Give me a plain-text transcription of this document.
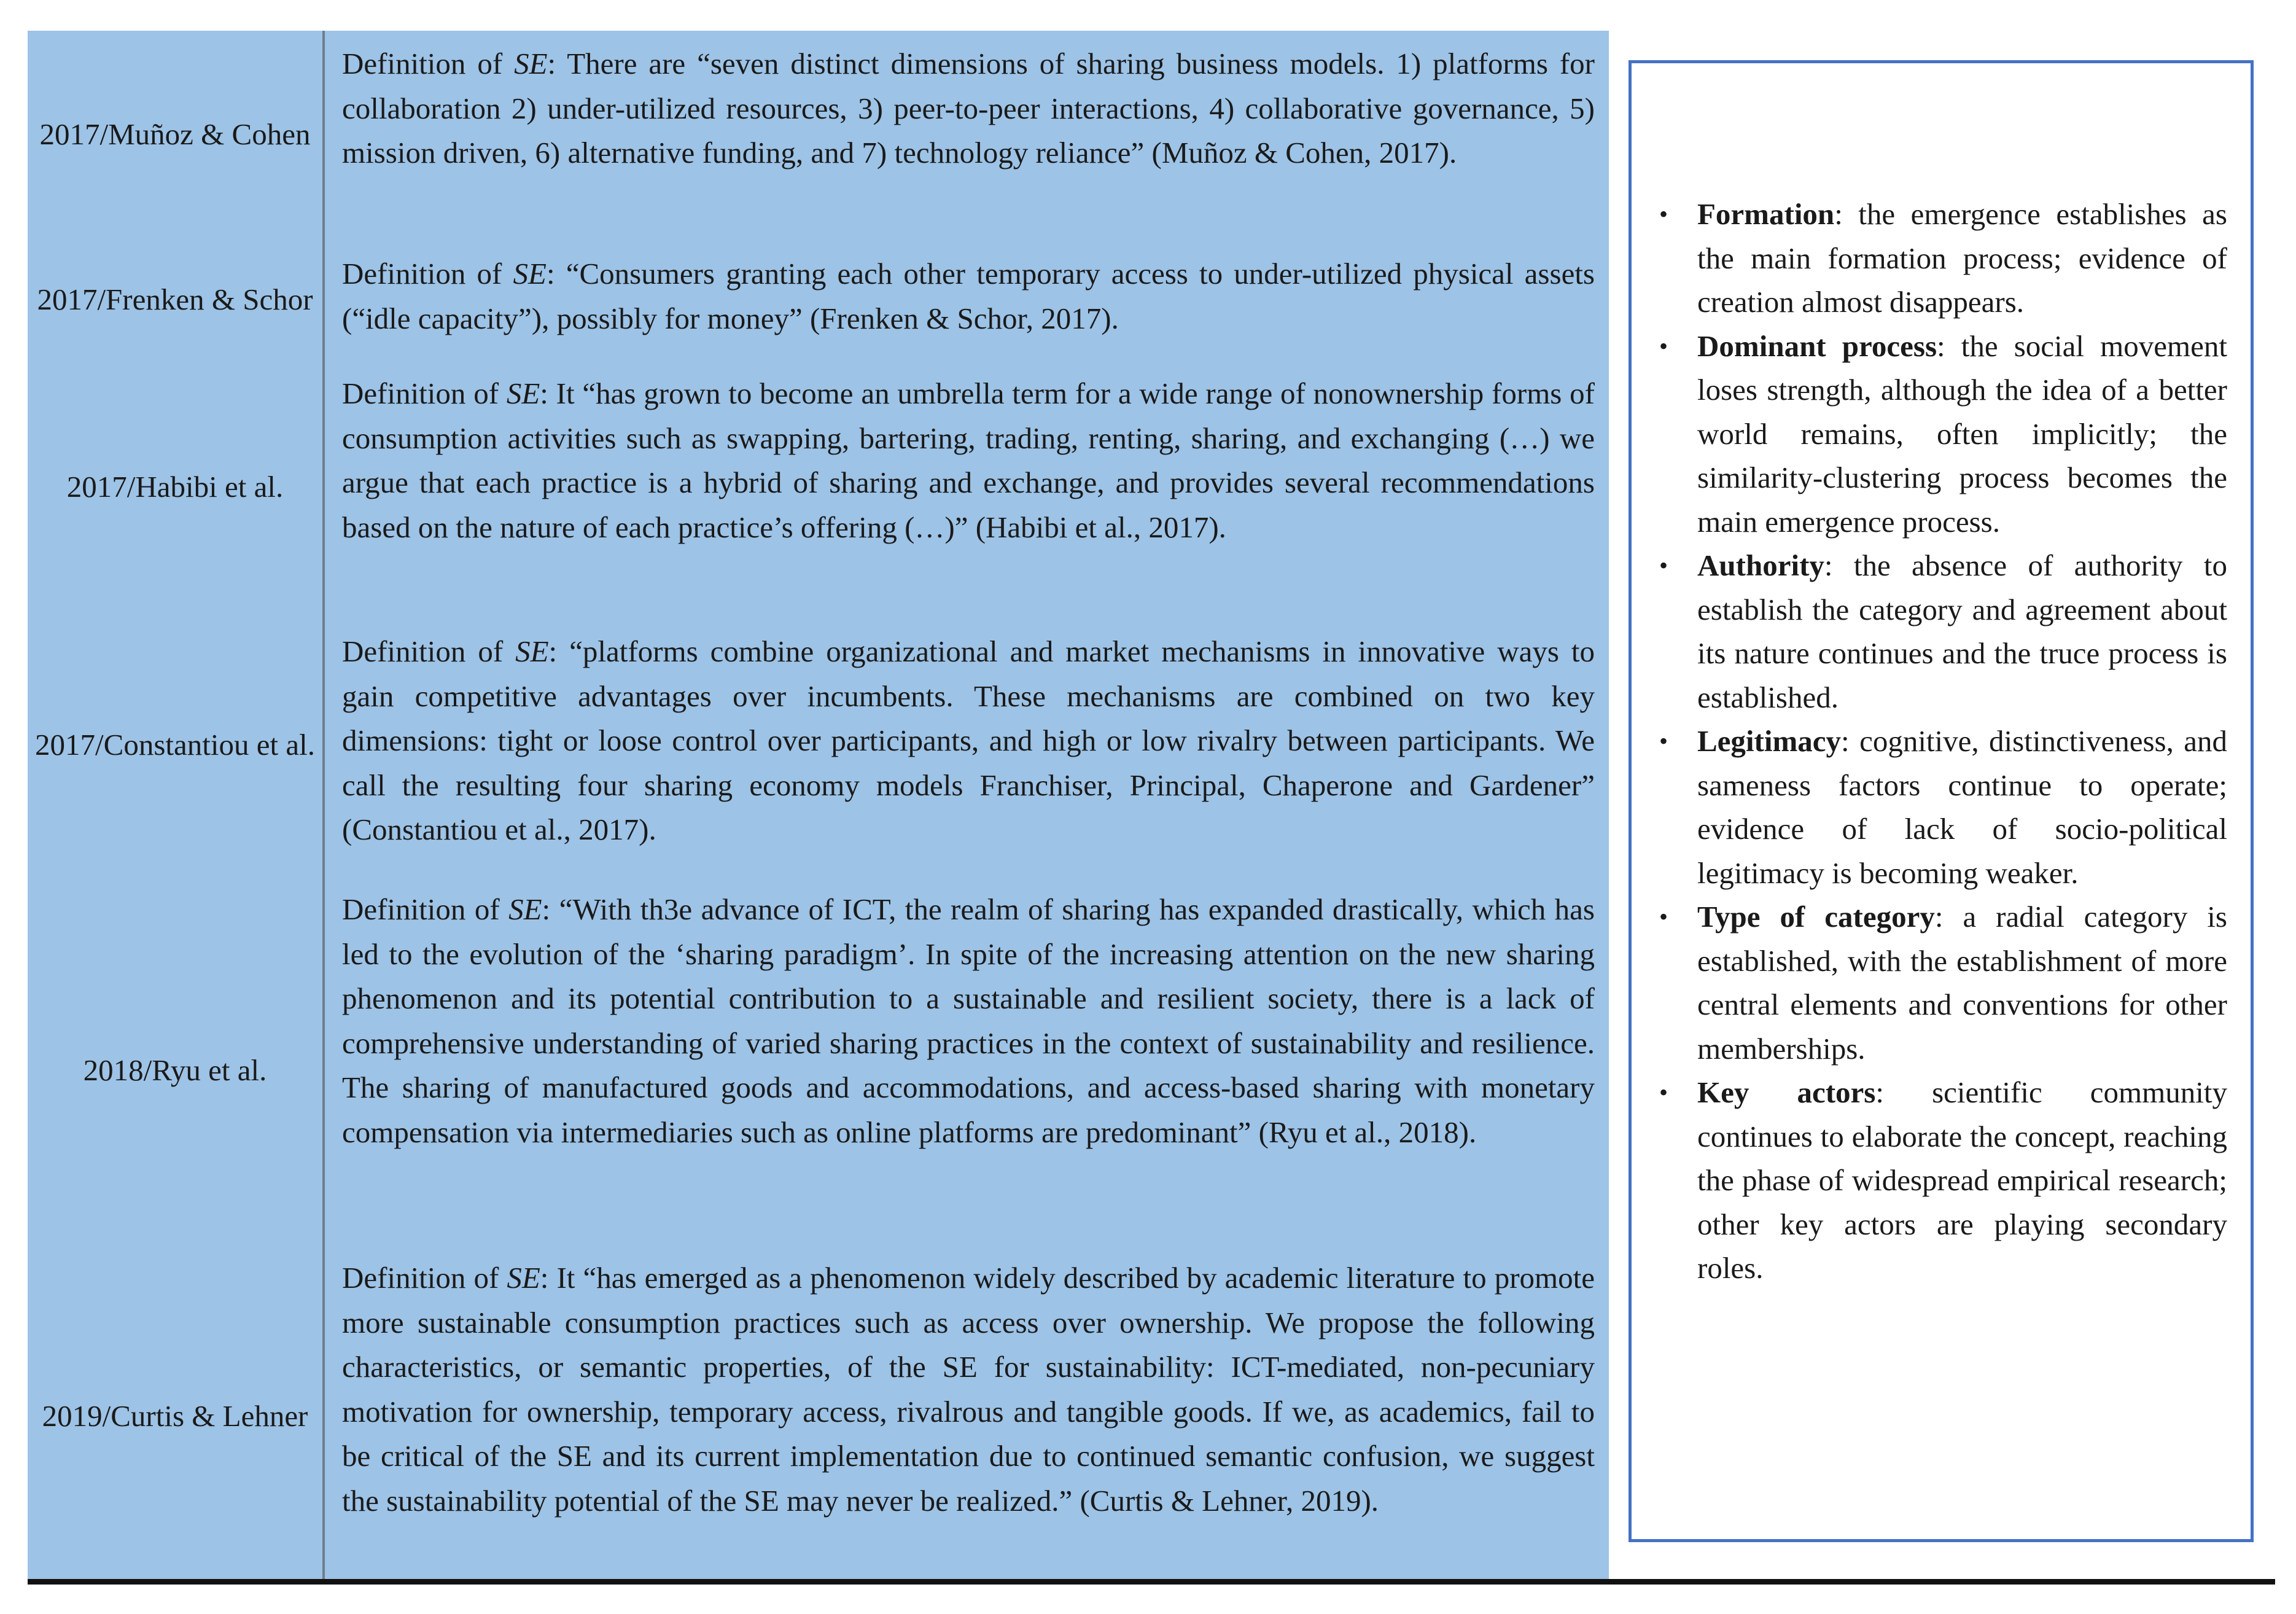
2017/Muñoz & Cohen
Definition of SE: There are “seven distinct dimensions of sharing business models. 1) platforms for collaboration 2) under-utilized resources, 3) peer-to-peer interactions, 4) collaborative governance, 5) mission driven, 6) alternative funding, and 7) technology reliance” (Muñoz & Cohen, 2017).
2017/Frenken & Schor
Definition of SE: “Consumers granting each other temporary access to under-utilized physical assets (“idle capacity”), possibly for money” (Frenken & Schor, 2017).
2017/Habibi et al.
Definition of SE: It “has grown to become an umbrella term for a wide range of nonownership forms of consumption activities such as swapping, bartering, trading, renting, sharing, and exchanging (…) we argue that each practice is a hybrid of sharing and exchange, and provides several recommendations based on the nature of each practice’s offering (…)” (Habibi et al., 2017).
2017/Constantiou et al.
Definition of SE: “platforms combine organizational and market mechanisms in innovative ways to gain competitive advantages over incumbents. These mechanisms are combined on two key dimensions: tight or loose control over participants, and high or low rivalry between participants. We call the resulting four sharing economy models Franchiser, Principal, Chaperone and Gardener” (Constantiou et al., 2017).
2018/Ryu et al.
Definition of SE: “With th3e advance of ICT, the realm of sharing has expanded drastically, which has led to the evolution of the ‘sharing paradigm’. In spite of the increasing attention on the new sharing phenomenon and its potential contribution to a sustainable and resilient society, there is a lack of comprehensive understanding of varied sharing practices in the context of sustainability and resilience. The sharing of manufactured goods and accommodations, and access-based sharing with monetary compensation via intermediaries such as online platforms are predominant” (Ryu et al., 2018).
2019/Curtis & Lehner
Definition of SE: It “has emerged as a phenomenon widely described by academic literature to promote more sustainable consumption practices such as access over ownership. We propose the following characteristics, or semantic properties, of the SE for sustainability: ICT-mediated, non-pecuniary motivation for ownership, temporary access, rivalrous and tangible goods. If we, as academics, fail to be critical of the SE and its current implementation due to continued semantic confusion, we suggest the sustainability potential of the SE may never be realized.” (Curtis & Lehner, 2019).
• Formation: the emergence establishes as the main formation process; evidence of creation almost disappears.
• Dominant process: the social movement loses strength, although the idea of a better world remains, often implicitly; the similarity-clustering process becomes the main emergence process.
• Authority: the absence of authority to establish the category and agreement about its nature continues and the truce process is established.
• Legitimacy: cognitive, distinctiveness, and sameness factors continue to operate; evidence of lack of socio-political legitimacy is becoming weaker.
• Type of category: a radial category is established, with the establishment of more central elements and conventions for other memberships.
• Key actors: scientific community continues to elaborate the concept, reaching the phase of widespread empirical research; other key actors are playing secondary roles.
